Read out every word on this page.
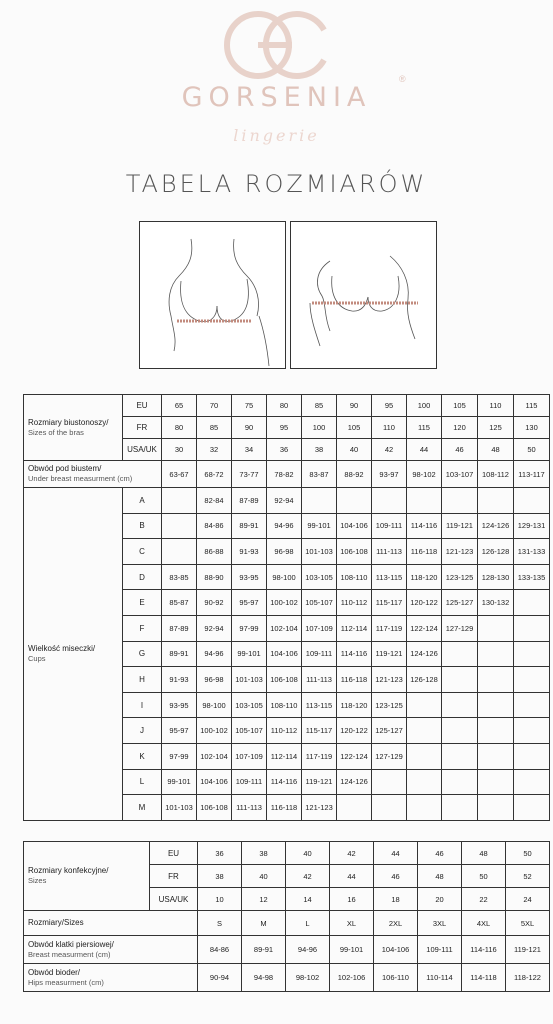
GORSENIA
®
lingerie
TABELA ROZMIARÓW
Rozmiary biustonoszy/
Sizes of the bras	EU	65	70	75	80	85	90	95	100	105	110	115
	FR	80	85	90	95	100	105	110	115	120	125	130
	USA/UK	30	32	34	36	38	40	42	44	46	48	50
Obwód pod biustem/
Under breast measurment (cm)		63-67	68-72	73-77	78-82	83-87	88-92	93-97	98-102	103-107	108-112	113-117
Wielkość miseczki/
Cups	A		82-84	87-89	92-94							
	B		84-86	89-91	94-96	99-101	104-106	109-111	114-116	119-121	124-126	129-131
	C		86-88	91-93	96-98	101-103	106-108	111-113	116-118	121-123	126-128	131-133
	D	83-85	88-90	93-95	98-100	103-105	108-110	113-115	118-120	123-125	128-130	133-135
	E	85-87	90-92	95-97	100-102	105-107	110-112	115-117	120-122	125-127	130-132	
	F	87-89	92-94	97-99	102-104	107-109	112-114	117-119	122-124	127-129		
	G	89-91	94-96	99-101	104-106	109-111	114-116	119-121	124-126			
	H	91-93	96-98	101-103	106-108	111-113	116-118	121-123	126-128			
	I	93-95	98-100	103-105	108-110	113-115	118-120	123-125				
	J	95-97	100-102	105-107	110-112	115-117	120-122	125-127				
	K	97-99	102-104	107-109	112-114	117-119	122-124	127-129				
	L	99-101	104-106	109-111	114-116	119-121	124-126					
	M	101-103	106-108	111-113	116-118	121-123						
Rozmiary konfekcyjne/
Sizes	EU	36	38	40	42	44	46	48	50
	FR	38	40	42	44	46	48	50	52
	USA/UK	10	12	14	16	18	20	22	24
Rozmiary/Sizes		S	M	L	XL	2XL	3XL	4XL	5XL
Obwód klatki piersiowej/
Breast measurment (cm)		84-86	89-91	94-96	99-101	104-106	109-111	114-116	119-121
Obwód bioder/
Hips measurment (cm)		90-94	94-98	98-102	102-106	106-110	110-114	114-118	118-122
